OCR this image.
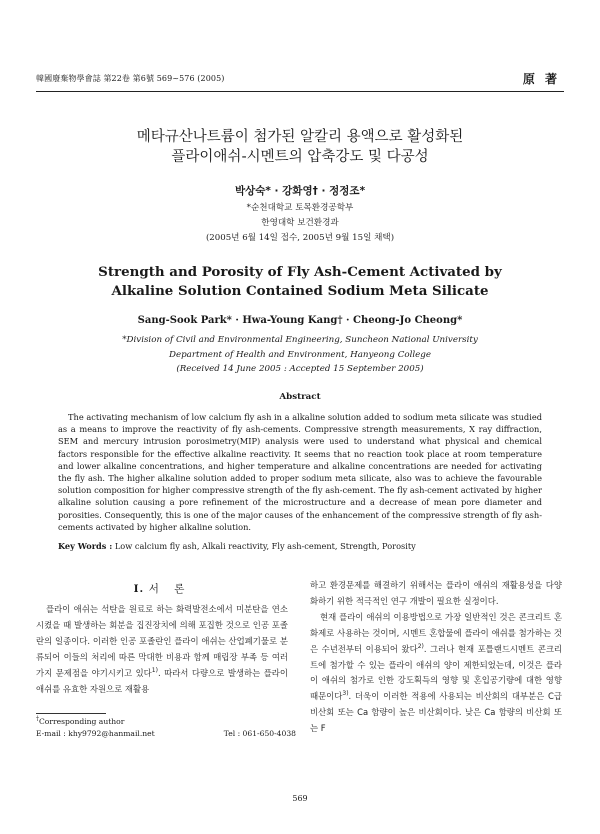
韓國廢棄物學會誌 第22卷 第6號 569~576 (2005)	原 著
메타규산나트륨이 첨가된 알칼리 용액으로 활성화된
플라이애쉬-시멘트의 압축강도 및 다공성
박상숙* · 강화영† · 정정조*
*순천대학교 토목환경공학부
한영대학 보건환경과
(2005년 6월 14일 접수, 2005년 9월 15일 채택)
Strength and Porosity of Fly Ash-Cement Activated by
Alkaline Solution Contained Sodium Meta Silicate
Sang-Sook Park* · Hwa-Young Kang† · Cheong-Jo Cheong*
*Division of Civil and Environmental Engineering, Suncheon National University
Department of Health and Environment, Hanyeong College
(Received 14 June 2005 : Accepted 15 September 2005)
Abstract

The activating mechanism of low calcium fly ash in a alkaline solution added to sodium meta silicate was studied as a means to improve the reactivity of fly ash-cements. Compressive strength measurements, X ray diffraction, SEM and mercury intrusion porosimetry(MIP) analysis were used to understand what physical and chemical factors responsible for the effective alkaline reactivity. It seems that no reaction took place at room temperature and lower alkaline concentrations, and higher temperature and alkaline concentrations are needed for activating the fly ash. The higher alkaline solution added to proper sodium meta silicate, also was to achieve the favourable solution composition for higher compressive strength of the fly ash-cement. The fly ash-cement activated by higher alkaline solution causing a pore refinement of the microstructure and a decrease of mean pore diameter and porosities. Consequently, this is one of the major causes of the enhancement of the compressive strength of fly ash-cements activated by higher alkaline solution.

Key Words : Low calcium fly ash, Alkali reactivity, Fly ash-cement, Strength, Porosity
I. 서 론

플라이 애쉬는 석탄을 원료로 하는 화력발전소에서 미분탄을 연소시켰을 때 발생하는 회분을 집진장치에 의해 포집한 것으로 인공 포졸란의 일종이다. 이러한 인공 포졸란인 플라이 애쉬는 산업폐기물로 분류되어 이들의 처리에 따른 막대한 비용과 함께 매립장 부족 등 여러 가지 문제점을 야기시키고 있다$^{1)}$. 따라서 다량으로 발생하는 플라이 애쉬를 유효한 자원으로 재활용

하고 환경문제를 해결하기 위해서는 플라이 애쉬의 재활용성을 다양화하기 위한 적극적인 연구 개발이 필요한 실정이다.

현재 플라이 애쉬의 이용방법으로 가장 일반적인 것은 콘크리트 혼화제로 사용하는 것이며, 시멘트 혼합물에 플라이 애쉬를 첨가하는 것은 수년전부터 이용되어 왔다$^{2)}$. 그러나 현재 포틀랜드시멘트 콘크리트에 첨가할 수 있는 플라이 애쉬의 양이 제한되었는데, 이것은 플라이 애쉬의 첨가로 인한 강도획득의 영향 및 혼입공기량에 대한 영향 때문이다$^{3)}$. 더욱이 이러한 적용에 사용되는 비산회의 대부분은 C급 비산회 또는 Ca 함량이 높은 비산회이다. 낮은 Ca 함량의 비산회 또는 F

†Corresponding author
E-mail : khy9792@hanmail.net	Tel : 061-650-4038
569
